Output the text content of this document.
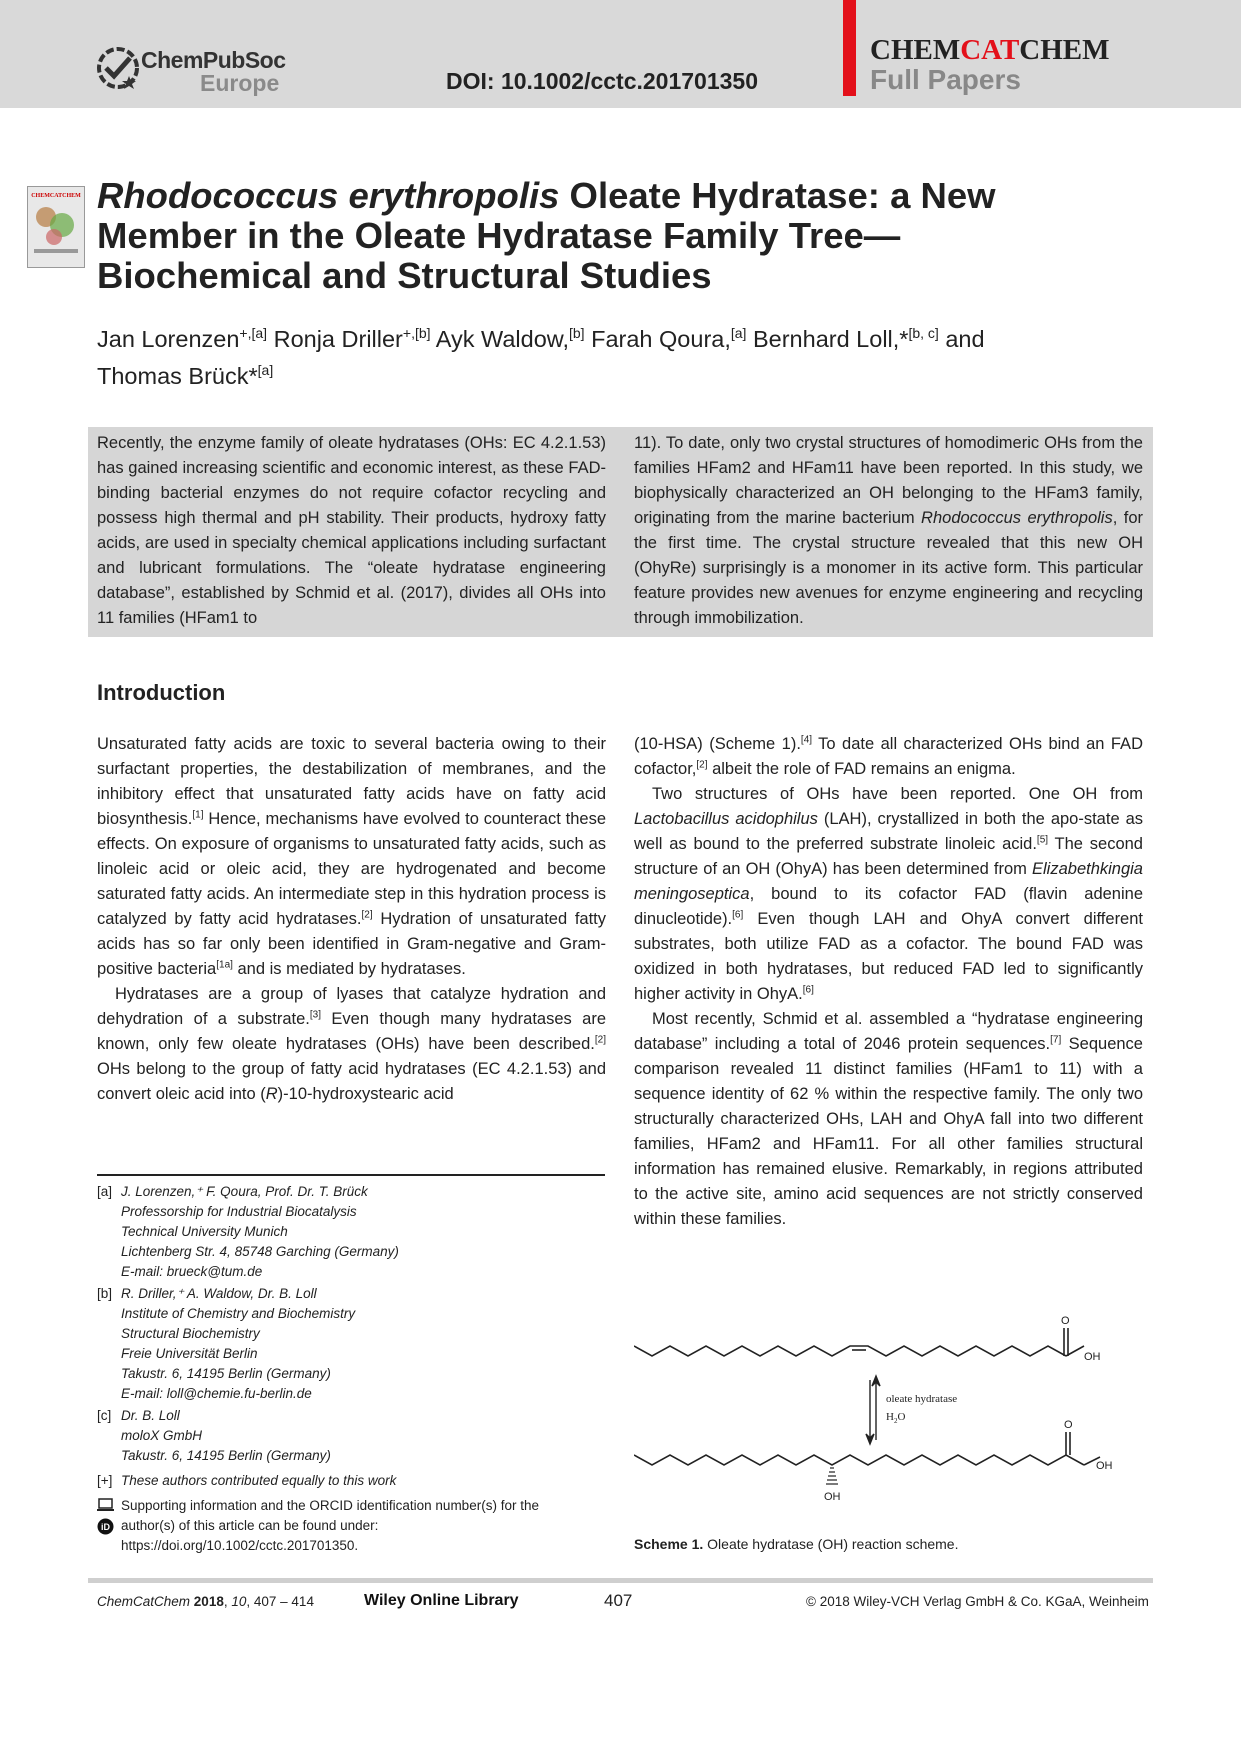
ChemPubSoc
Europe	DOI: 10.1002/cctc.201701350
CHEMCATCHEM
Full Papers
CHEMCATCHEM Rhodococcus erythropolis Oleate Hydratase: a New
Member in the Oleate Hydratase Family Tree—
Biochemical and Structural Studies
Jan Lorenzen$^{+,[a]}$ Ronja Driller$^{+,[b]}$ Ayk Waldow,[b] Farah Qoura,[a] Bernhard Loll,*[b, c] and
Thomas Brück*[a]
Recently, the enzyme family of oleate hydratases (OHs: EC 4.2.1.53) has gained increasing scientific and economic interest, as these FAD-binding bacterial enzymes do not require cofactor recycling and possess high thermal and pH stability. Their products, hydroxy fatty acids, are used in specialty chemical applications including surfactant and lubricant formulations. The “oleate hydratase engineering database”, established by Schmid et al. (2017), divides all OHs into 11 families (HFam1 to
11). To date, only two crystal structures of homodimeric OHs from the families HFam2 and HFam11 have been reported. In this study, we biophysically characterized an OH belonging to the HFam3 family, originating from the marine bacterium Rhodococcus erythropolis, for the first time. The crystal structure revealed that this new OH (OhyRe) surprisingly is a monomer in its active form. This particular feature provides new avenues for enzyme engineering and recycling through immobilization.
Introduction

Unsaturated fatty acids are toxic to several bacteria owing to their surfactant properties, the destabilization of membranes, and the inhibitory effect that unsaturated fatty acids have on fatty acid biosynthesis.[1] Hence, mechanisms have evolved to counteract these effects. On exposure of organisms to unsaturated fatty acids, such as linoleic acid or oleic acid, they are hydrogenated and become saturated fatty acids. An intermediate step in this hydration process is catalyzed by fatty acid hydratases.[2] Hydration of unsaturated fatty acids has so far only been identified in Gram-negative and Gram-positive bacteria[1a] and is mediated by hydratases.

Hydratases are a group of lyases that catalyze hydration and dehydration of a substrate.[3] Even though many hydratases are known, only few oleate hydratases (OHs) have been described.[2] OHs belong to the group of fatty acid hydratases (EC 4.2.1.53) and convert oleic acid into (R)-10-hydroxystearic acid

(10-HSA) (Scheme 1).[4] To date all characterized OHs bind an FAD cofactor,[2] albeit the role of FAD remains an enigma.

Two structures of OHs have been reported. One OH from Lactobacillus acidophilus (LAH), crystallized in both the apo-state as well as bound to the preferred substrate linoleic acid.[5] The second structure of an OH (OhyA) has been determined from Elizabethkingia meningoseptica, bound to its cofactor FAD (flavin adenine dinucleotide).[6] Even though LAH and OhyA convert different substrates, both utilize FAD as a cofactor. The bound FAD was oxidized in both hydratases, but reduced FAD led to significantly higher activity in OhyA.[6]

Most recently, Schmid et al. assembled a “hydratase engineering database” including a total of 2046 protein sequences.[7] Sequence comparison revealed 11 distinct families (HFam1 to 11) with a sequence identity of 62 % within the respective family. The only two structurally characterized OHs, LAH and OhyA fall into two different families, HFam2 and HFam11. For all other families structural information has remained elusive. Remarkably, in regions attributed to the active site, amino acid sequences are not strictly conserved within these families.

[a] J. Lorenzen,⁺ F. Qoura, Prof. Dr. T. Brück
Professorship for Industrial Biocatalysis
Technical University Munich
Lichtenberg Str. 4, 85748 Garching (Germany)
E-mail: brueck@tum.de
[b] R. Driller,⁺ A. Waldow, Dr. B. Loll
Institute of Chemistry and Biochemistry
Structural Biochemistry
Freie Universität Berlin
Takustr. 6, 14195 Berlin (Germany)
E-mail: loll@chemie.fu-berlin.de
[c] Dr. B. Loll
moloX GmbH
Takustr. 6, 14195 Berlin (Germany)
[+] These authors contributed equally to this work
iD
Supporting information and the ORCID identification number(s) for the
author(s) of this article can be found under:
https://doi.org/10.1002/cctc.201701350.
O
OH
oleate hydratase
$H_2O$
O
OH
OH
Scheme 1. Oleate hydratase (OH) reaction scheme.
ChemCatChem 2018, 10, 407 – 414	Wiley Online Library	407	© 2018 Wiley-VCH Verlag GmbH & Co. KGaA, Weinheim
